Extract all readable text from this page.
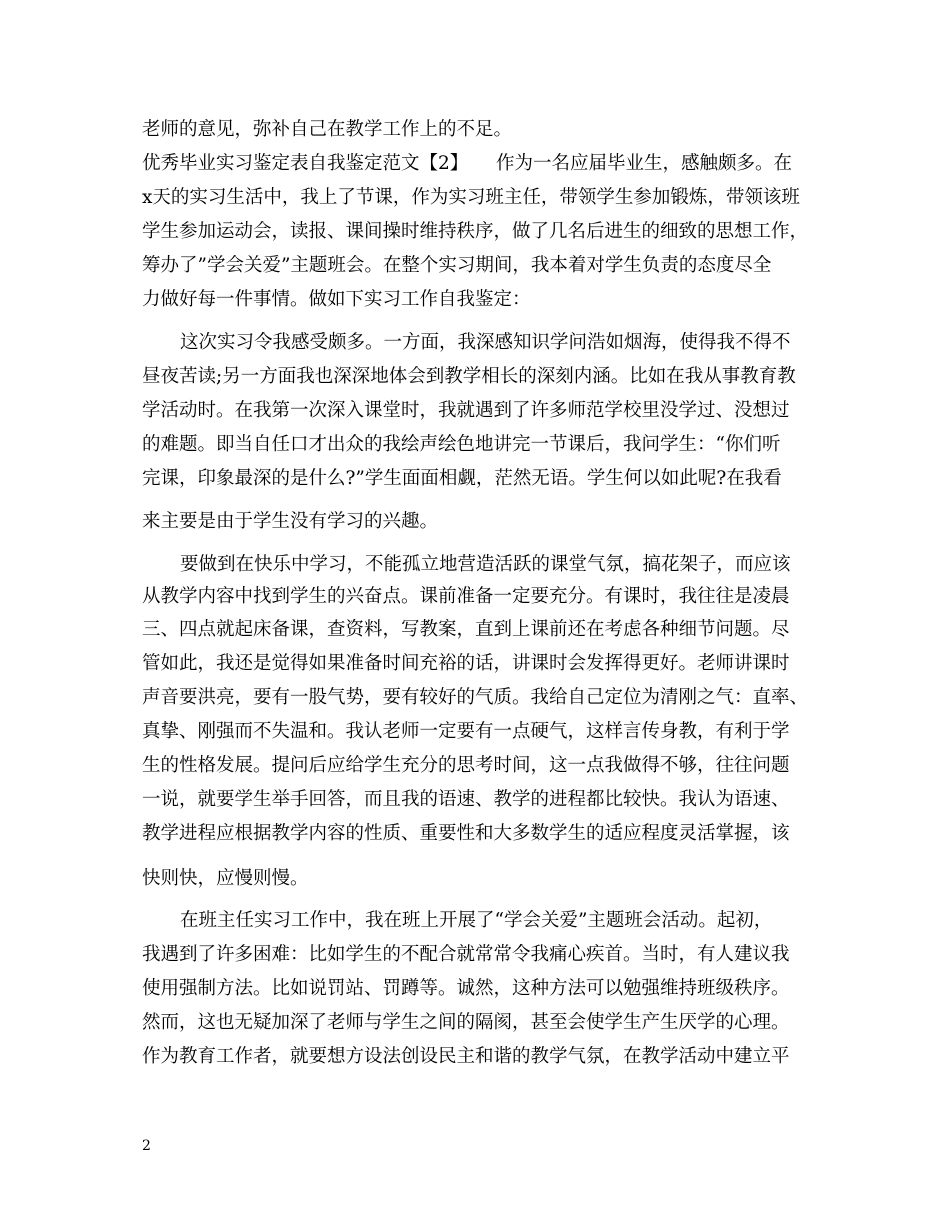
老师的意见，弥补自己在教学工作上的不足。
优秀毕业实习鉴定表自我鉴定范文【2】　　作为一名应届毕业生，感触颇多。在
x天的实习生活中，我上了节课，作为实习班主任，带领学生参加锻炼，带领该班
学生参加运动会，读报、课间操时维持秩序，做了几名后进生的细致的思想工作，
筹办了”学会关爱”主题班会。在整个实习期间，我本着对学生负责的态度尽全
力做好每一件事情。做如下实习工作自我鉴定：
这次实习令我感受颇多。一方面，我深感知识学问浩如烟海，使得我不得不
昼夜苦读;另一方面我也深深地体会到教学相长的深刻内涵。比如在我从事教育教
学活动时。在我第一次深入课堂时，我就遇到了许多师范学校里没学过、没想过
的难题。即当自任口才出众的我绘声绘色地讲完一节课后，我问学生：“你们听
完课，印象最深的是什么?”学生面面相觑，茫然无语。学生何以如此呢?在我看
来主要是由于学生没有学习的兴趣。
要做到在快乐中学习，不能孤立地营造活跃的课堂气氛，搞花架子，而应该
从教学内容中找到学生的兴奋点。课前准备一定要充分。有课时，我往往是凌晨
三、四点就起床备课，查资料，写教案，直到上课前还在考虑各种细节问题。尽
管如此，我还是觉得如果准备时间充裕的话，讲课时会发挥得更好。老师讲课时
声音要洪亮，要有一股气势，要有较好的气质。我给自己定位为清刚之气：直率、
真挚、刚强而不失温和。我认老师一定要有一点硬气，这样言传身教，有利于学
生的性格发展。提问后应给学生充分的思考时间，这一点我做得不够，往往问题
一说，就要学生举手回答，而且我的语速、教学的进程都比较快。我认为语速、
教学进程应根据教学内容的性质、重要性和大多数学生的适应程度灵活掌握，该
快则快，应慢则慢。
在班主任实习工作中，我在班上开展了“学会关爱”主题班会活动。起初，
我遇到了许多困难：比如学生的不配合就常常令我痛心疾首。当时，有人建议我
使用强制方法。比如说罚站、罚蹲等。诚然，这种方法可以勉强维持班级秩序。
然而，这也无疑加深了老师与学生之间的隔阂，甚至会使学生产生厌学的心理。
作为教育工作者，就要想方设法创设民主和谐的教学气氛，在教学活动中建立平
2
